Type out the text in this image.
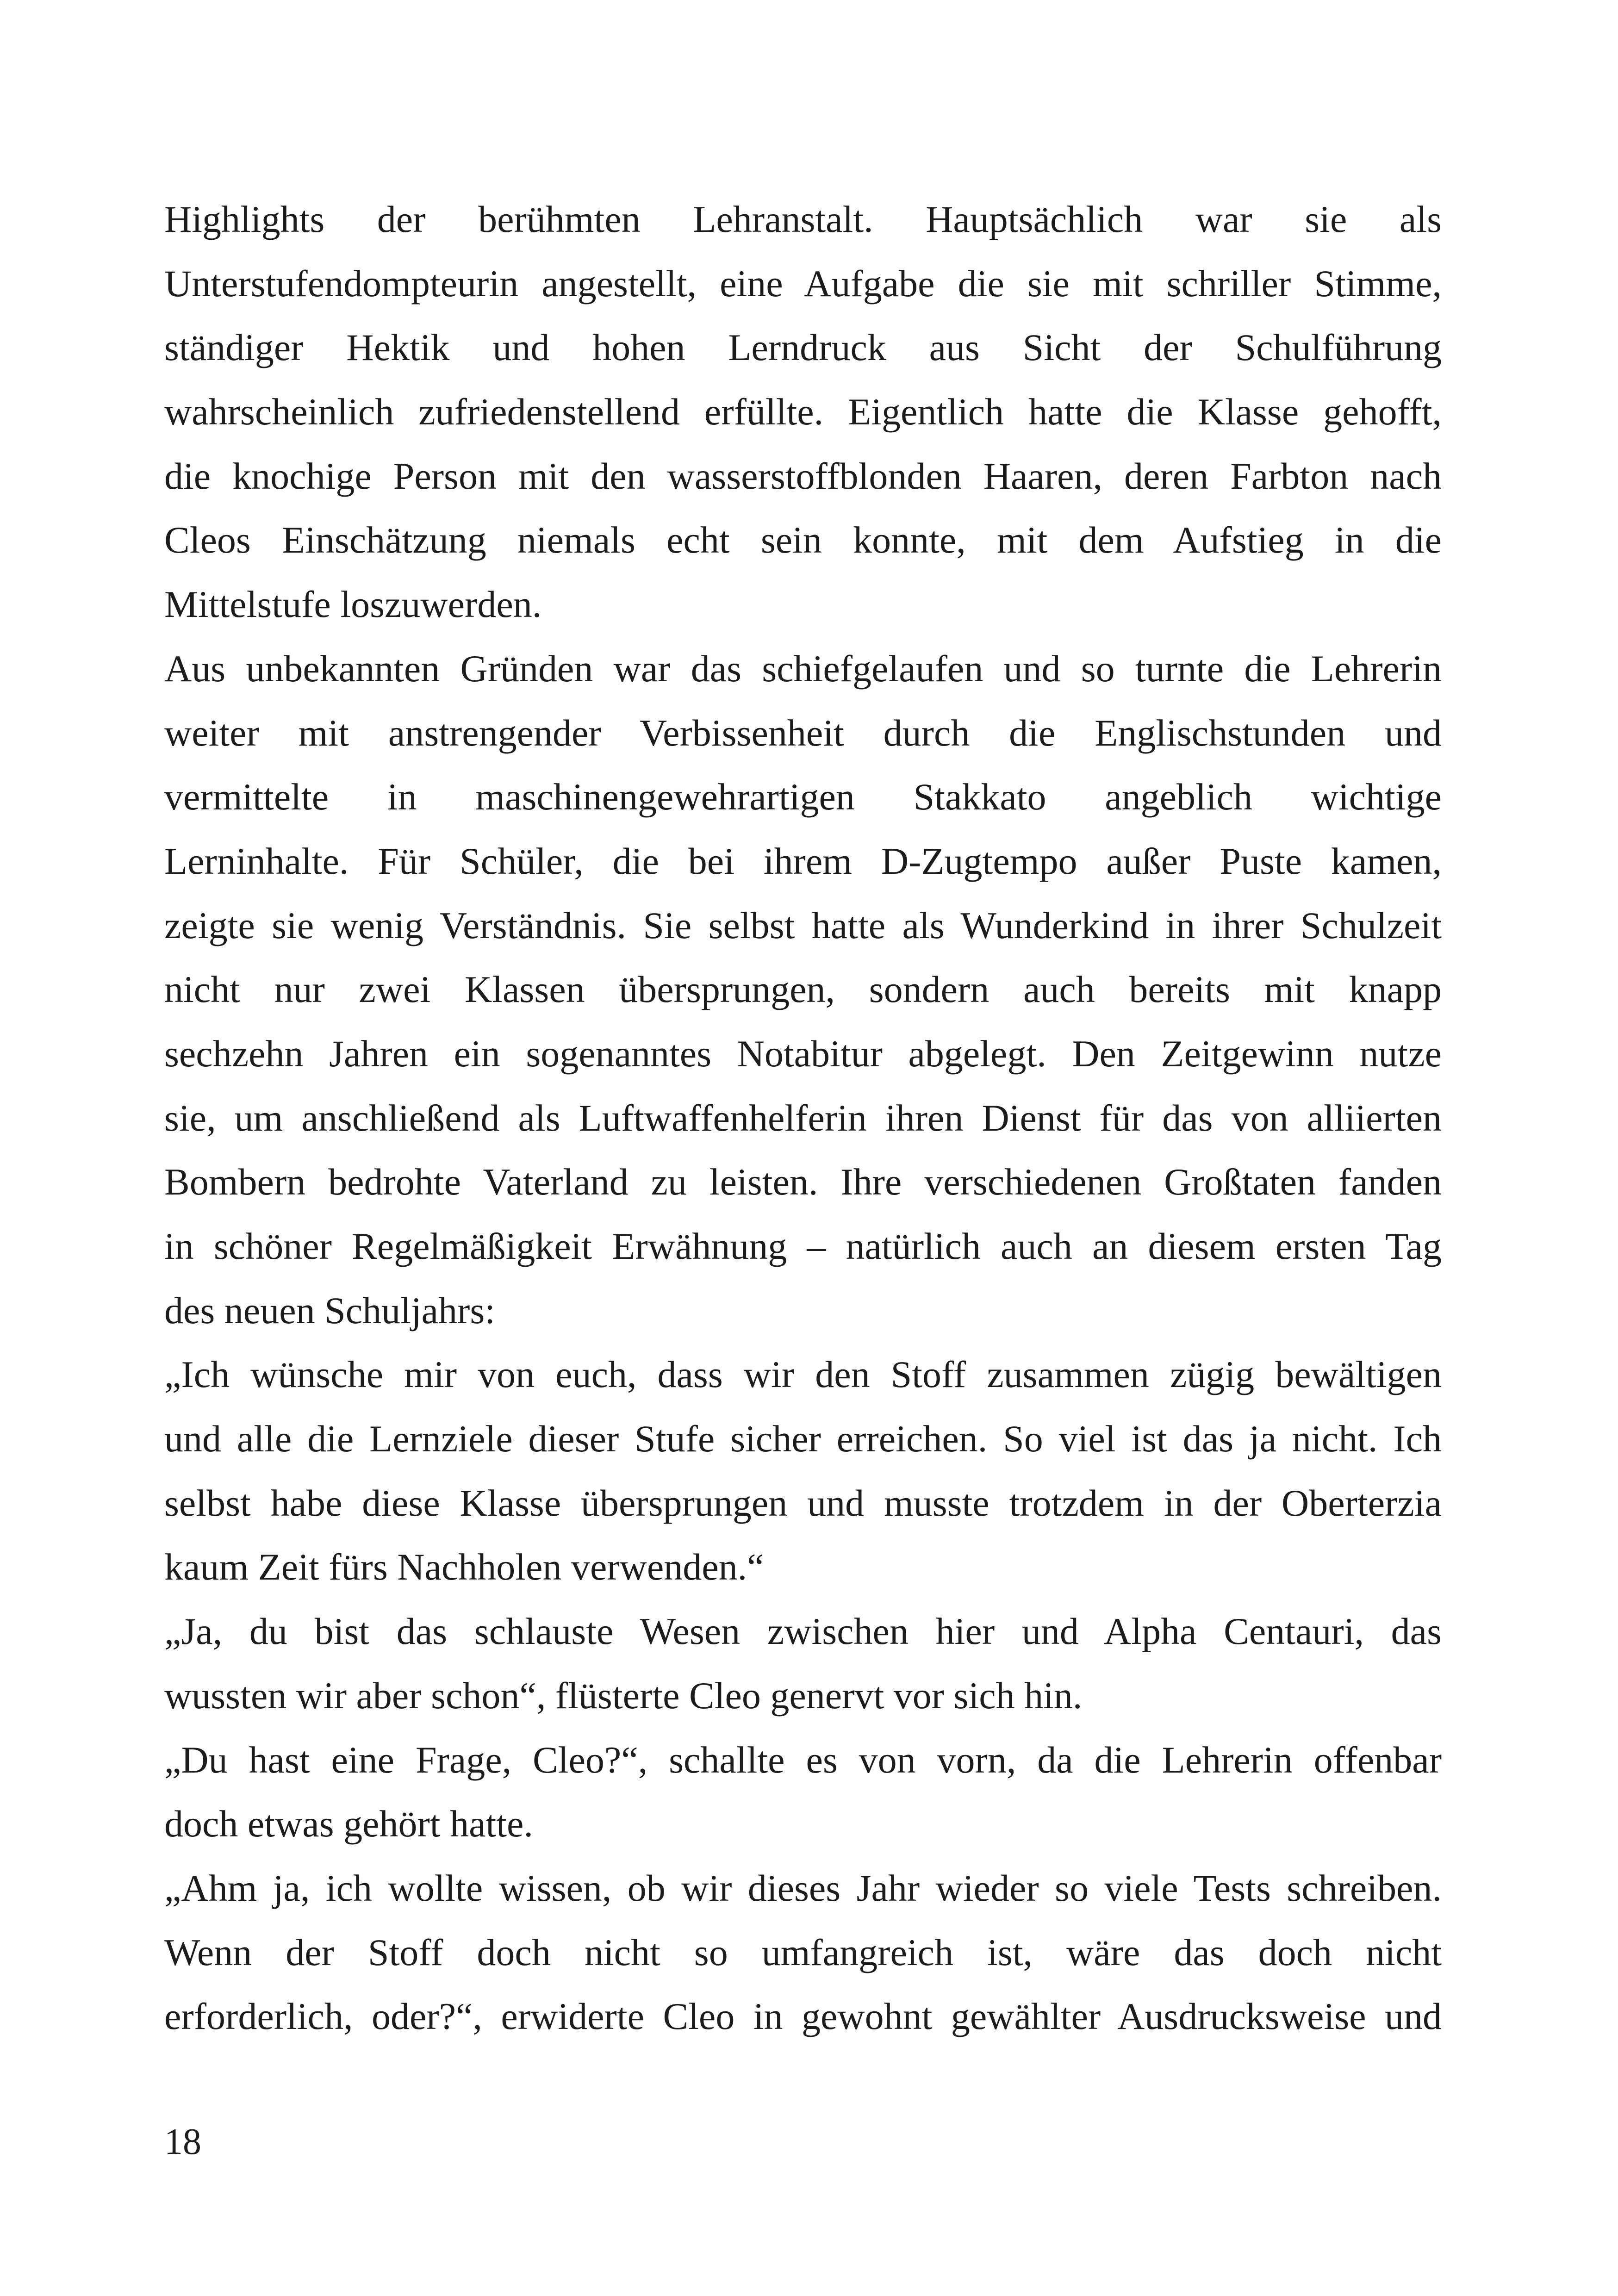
Highlights der berühmten Lehranstalt. Hauptsächlich war sie als
Unterstufendompteurin angestellt, eine Aufgabe die sie mit schriller Stimme,
ständiger Hektik und hohen Lerndruck aus Sicht der Schulführung
wahrscheinlich zufriedenstellend erfüllte. Eigentlich hatte die Klasse gehofft,
die knochige Person mit den wasserstoffblonden Haaren, deren Farbton nach
Cleos Einschätzung niemals echt sein konnte, mit dem Aufstieg in die
Mittelstufe loszuwerden.
Aus unbekannten Gründen war das schiefgelaufen und so turnte die Lehrerin
weiter mit anstrengender Verbissenheit durch die Englischstunden und
vermittelte in maschinengewehrartigen Stakkato angeblich wichtige
Lerninhalte. Für Schüler, die bei ihrem D-Zugtempo außer Puste kamen,
zeigte sie wenig Verständnis. Sie selbst hatte als Wunderkind in ihrer Schulzeit
nicht nur zwei Klassen übersprungen, sondern auch bereits mit knapp
sechzehn Jahren ein sogenanntes Notabitur abgelegt. Den Zeitgewinn nutze
sie, um anschließend als Luftwaffenhelferin ihren Dienst für das von alliierten
Bombern bedrohte Vaterland zu leisten. Ihre verschiedenen Großtaten fanden
in schöner Regelmäßigkeit Erwähnung – natürlich auch an diesem ersten Tag
des neuen Schuljahrs:
„Ich wünsche mir von euch, dass wir den Stoff zusammen zügig bewältigen
und alle die Lernziele dieser Stufe sicher erreichen. So viel ist das ja nicht. Ich
selbst habe diese Klasse übersprungen und musste trotzdem in der Oberterzia
kaum Zeit fürs Nachholen verwenden.“
„Ja, du bist das schlauste Wesen zwischen hier und Alpha Centauri, das
wussten wir aber schon“, flüsterte Cleo genervt vor sich hin.
„Du hast eine Frage, Cleo?“, schallte es von vorn, da die Lehrerin offenbar
doch etwas gehört hatte.
„Ahm ja, ich wollte wissen, ob wir dieses Jahr wieder so viele Tests schreiben.
Wenn der Stoff doch nicht so umfangreich ist, wäre das doch nicht
erforderlich, oder?“, erwiderte Cleo in gewohnt gewählter Ausdrucksweise und
18
